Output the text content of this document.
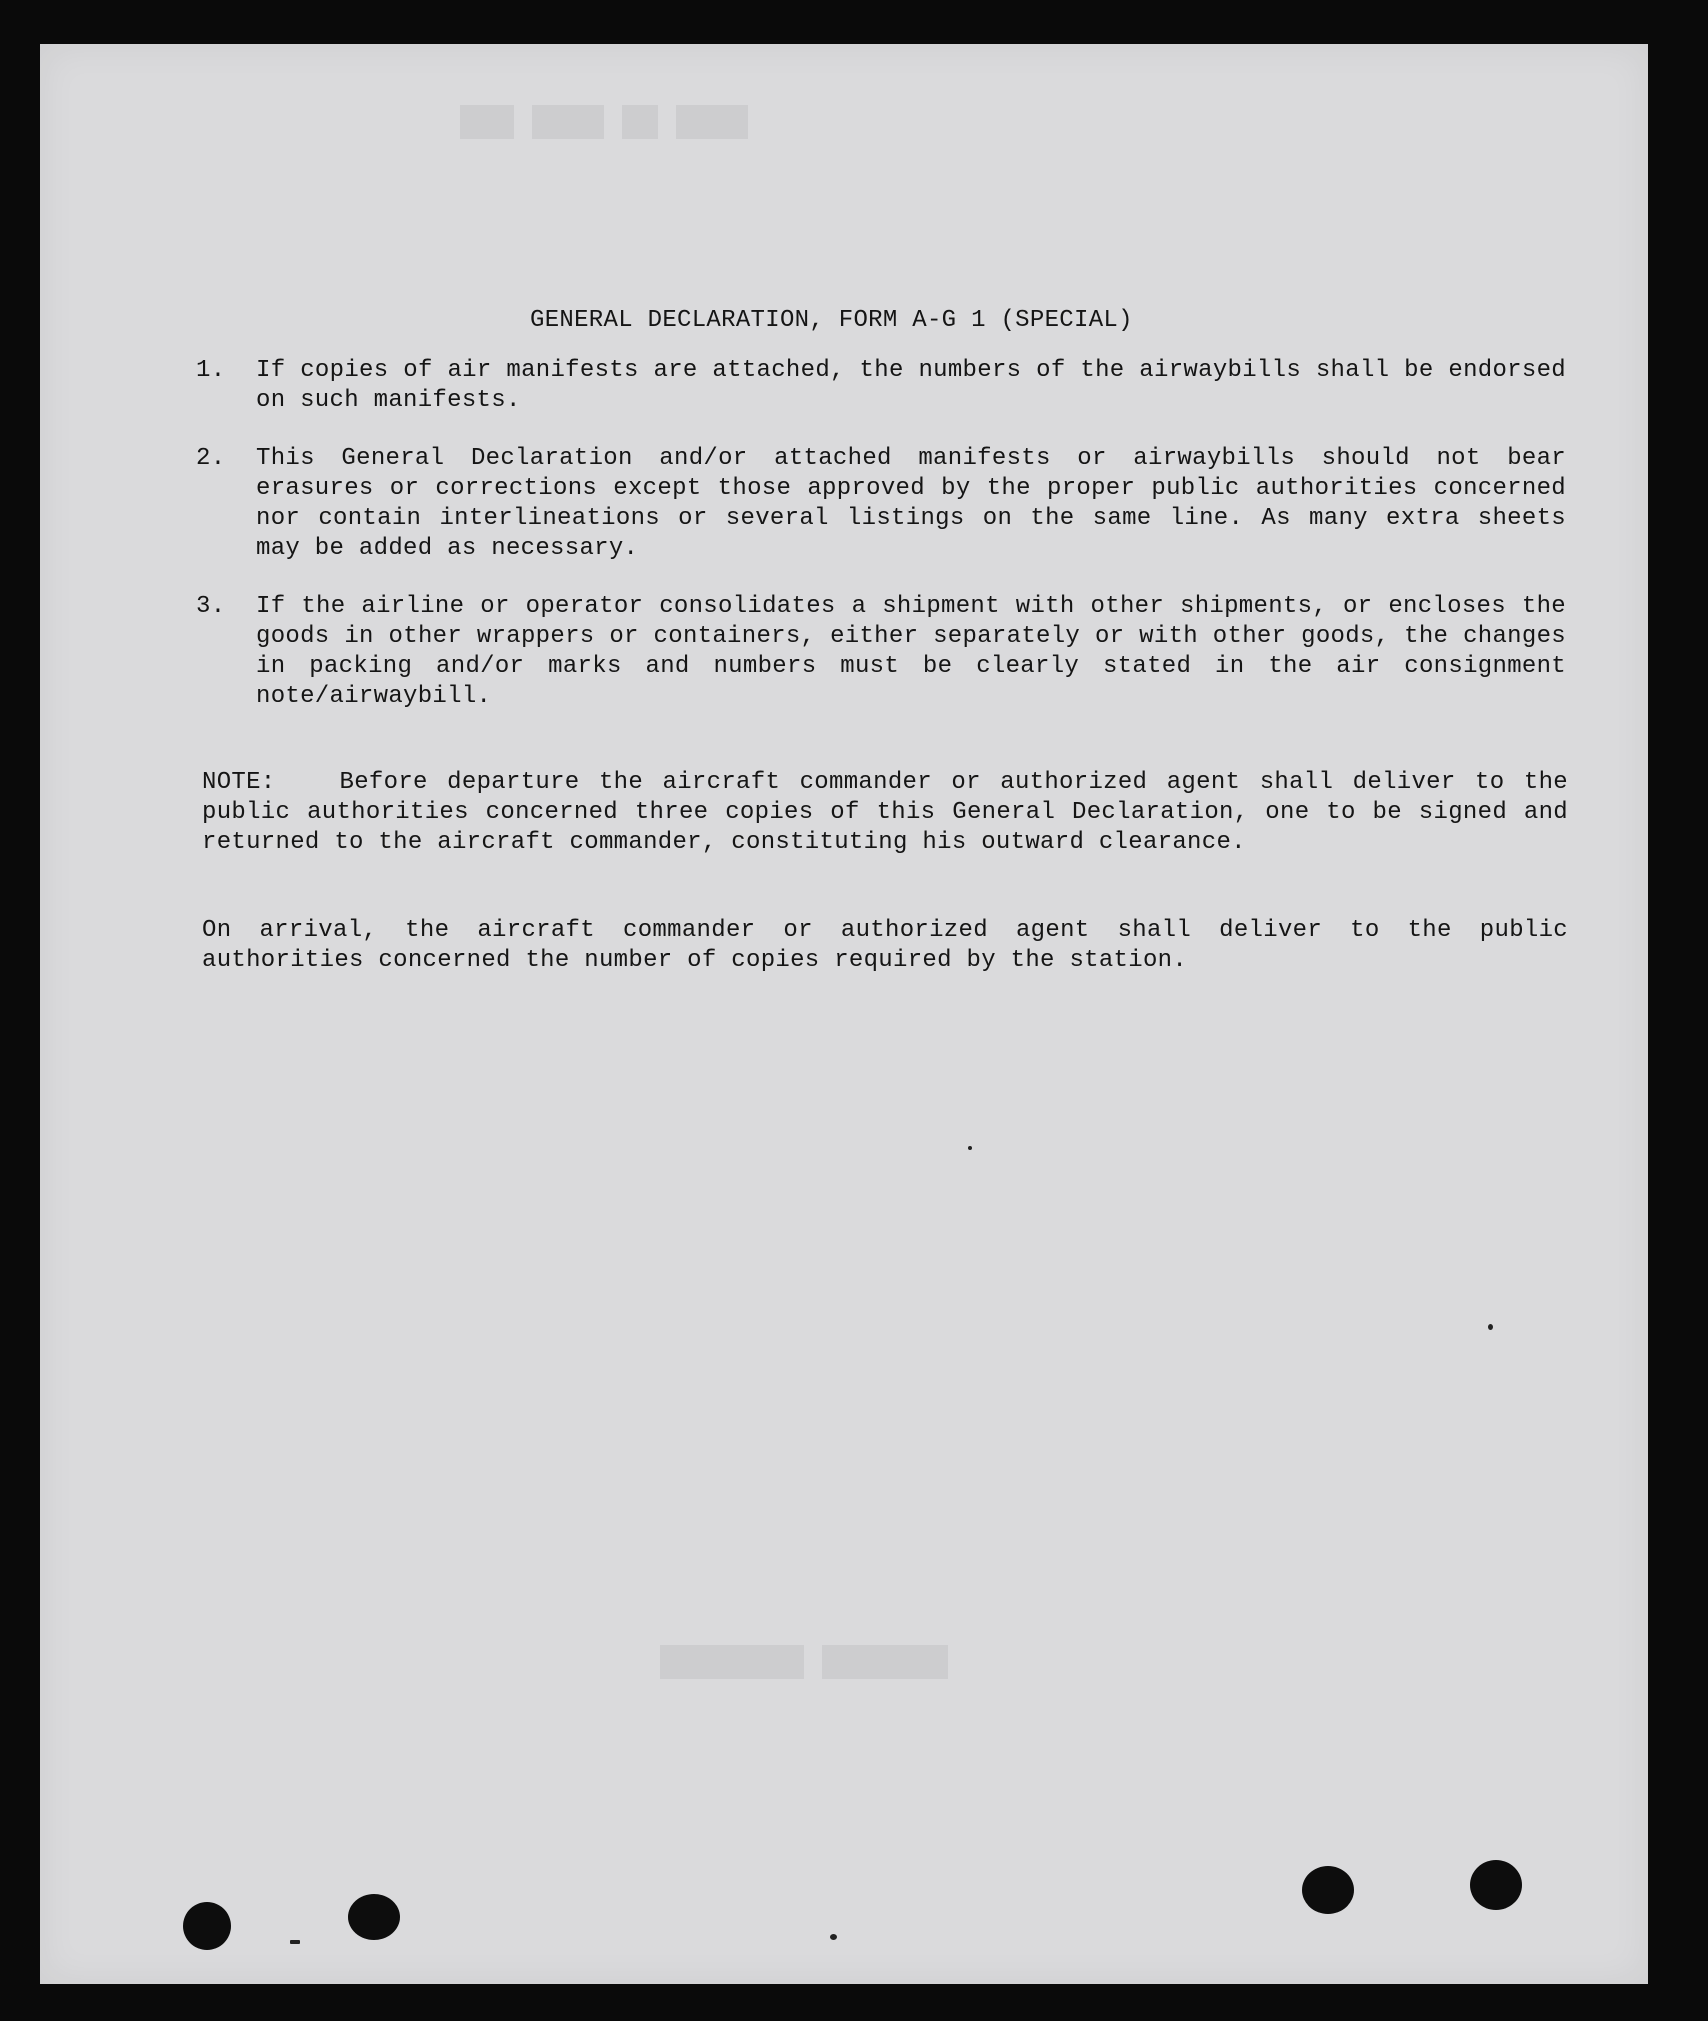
███ ████ ██ ████
████████ ███████
GENERAL DECLARATION, FORM A-G 1 (SPECIAL)
1.	If copies of air manifests are attached, the numbers of the airwaybills shall be endorsed on such manifests.
2.	This General Declaration and/or attached manifests or airwaybills should not bear erasures or corrections except those approved by the proper public authorities concerned nor contain interlineations or several listings on the same line. As many extra sheets may be added as necessary.
3.	If the airline or operator consolidates a shipment with other shipments, or encloses the goods in other wrappers or containers, either separately or with other goods, the changes in packing and/or marks and numbers must be clearly stated in the air consignment note/airwaybill.
NOTE:	Before departure the aircraft commander or authorized agent shall deliver to the public authorities concerned three copies of this General Declaration, one to be signed and returned to the aircraft commander, constituting his outward clearance.
On arrival, the aircraft commander or authorized agent shall deliver to the public authorities concerned the number of copies required by the station.
